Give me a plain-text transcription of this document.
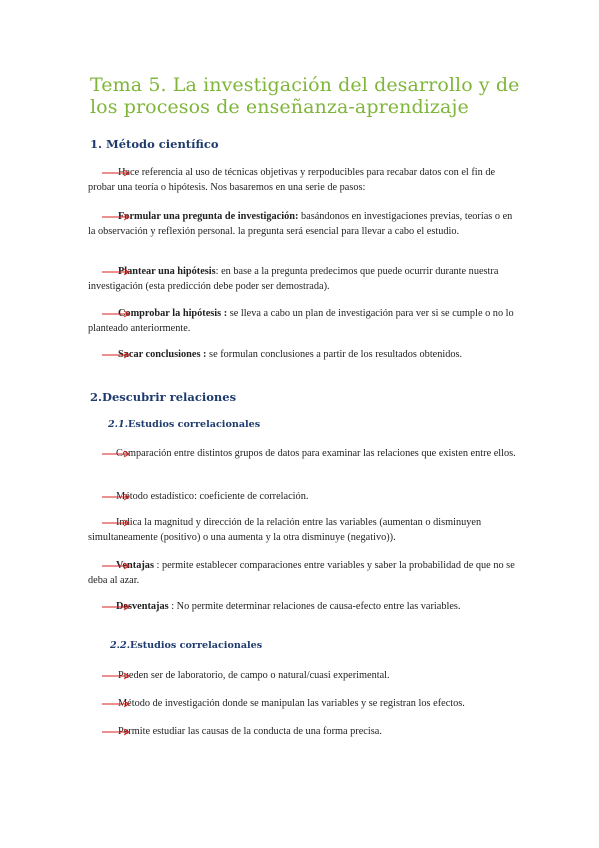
Tema 5. La investigación del desarrollo y de los procesos de enseñanza-aprendizaje
1. Método científico
Hace referencia al uso de técnicas objetivas y rerpoducibles para recabar datos con el fin de probar una teoría o hipótesis. Nos basaremos en una serie de pasos:
Formular una pregunta de investigación: basándonos en investigaciones previas, teorías o en la observación y reflexión personal. la pregunta será esencial para llevar a cabo el estudio.
Plantear una hipótesis: en base a la pregunta predecimos que puede ocurrir durante nuestra investigación (esta predicción debe poder ser demostrada).
Comprobar la hipótesis : se lleva a cabo un plan de investigación para ver si se cumple o no lo planteado anteriormente.
Sacar conclusiones : se formulan conclusiones a partir de los resultados obtenidos.
2.Descubrir relaciones
2.1.Estudios correlacionales
Comparación entre distintos grupos de datos para examinar las relaciones que existen entre ellos.
Método estadístico: coeficiente de correlación.
Indica la magnitud y dirección de la relación entre las variables (aumentan o disminuyen simultaneamente (positivo) o una aumenta y la otra disminuye (negativo)).
Ventajas : permite establecer comparaciones entre variables y saber la probabilidad de que no se deba al azar.
Desventajas : No permite determinar relaciones de causa-efecto entre las variables.
2.2.Estudios correlacionales
Pueden ser de laboratorio, de campo o natural/cuasi experimental.
Método de investigación donde se manipulan las variables y se registran los efectos.
Permite estudiar las causas de la conducta de una forma precisa.
